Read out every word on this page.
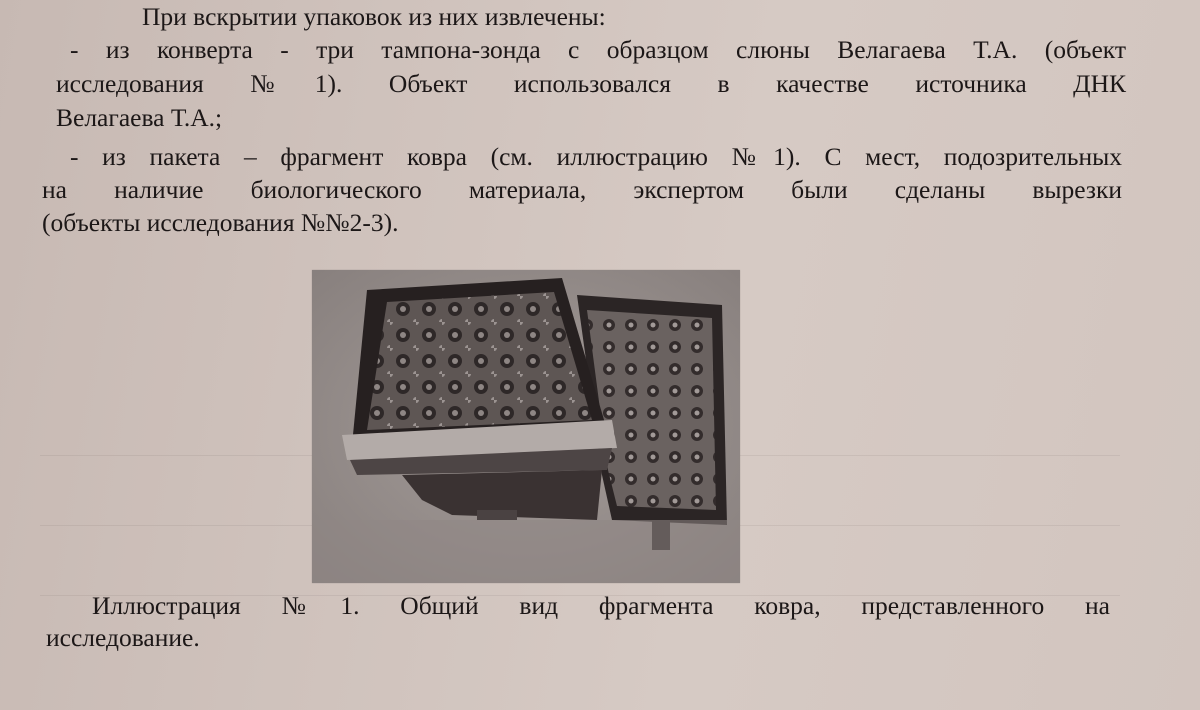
При вскрытии упаковок из них извлечены:
- из конверта - три тампона-зонда с образцом слюны Велагаева Т.А. (объект
исследования №1). Объект использовался в качестве источника ДНК
Велагаева Т.А.;
- из пакета – фрагмент ковра (см. иллюстрацию №1). С мест, подозрительных
на наличие биологического материала, экспертом были сделаны вырезки
(объекты исследования №№2-3).
Иллюстрация №1. Общий вид фрагмента ковра, представленного на
исследование.
